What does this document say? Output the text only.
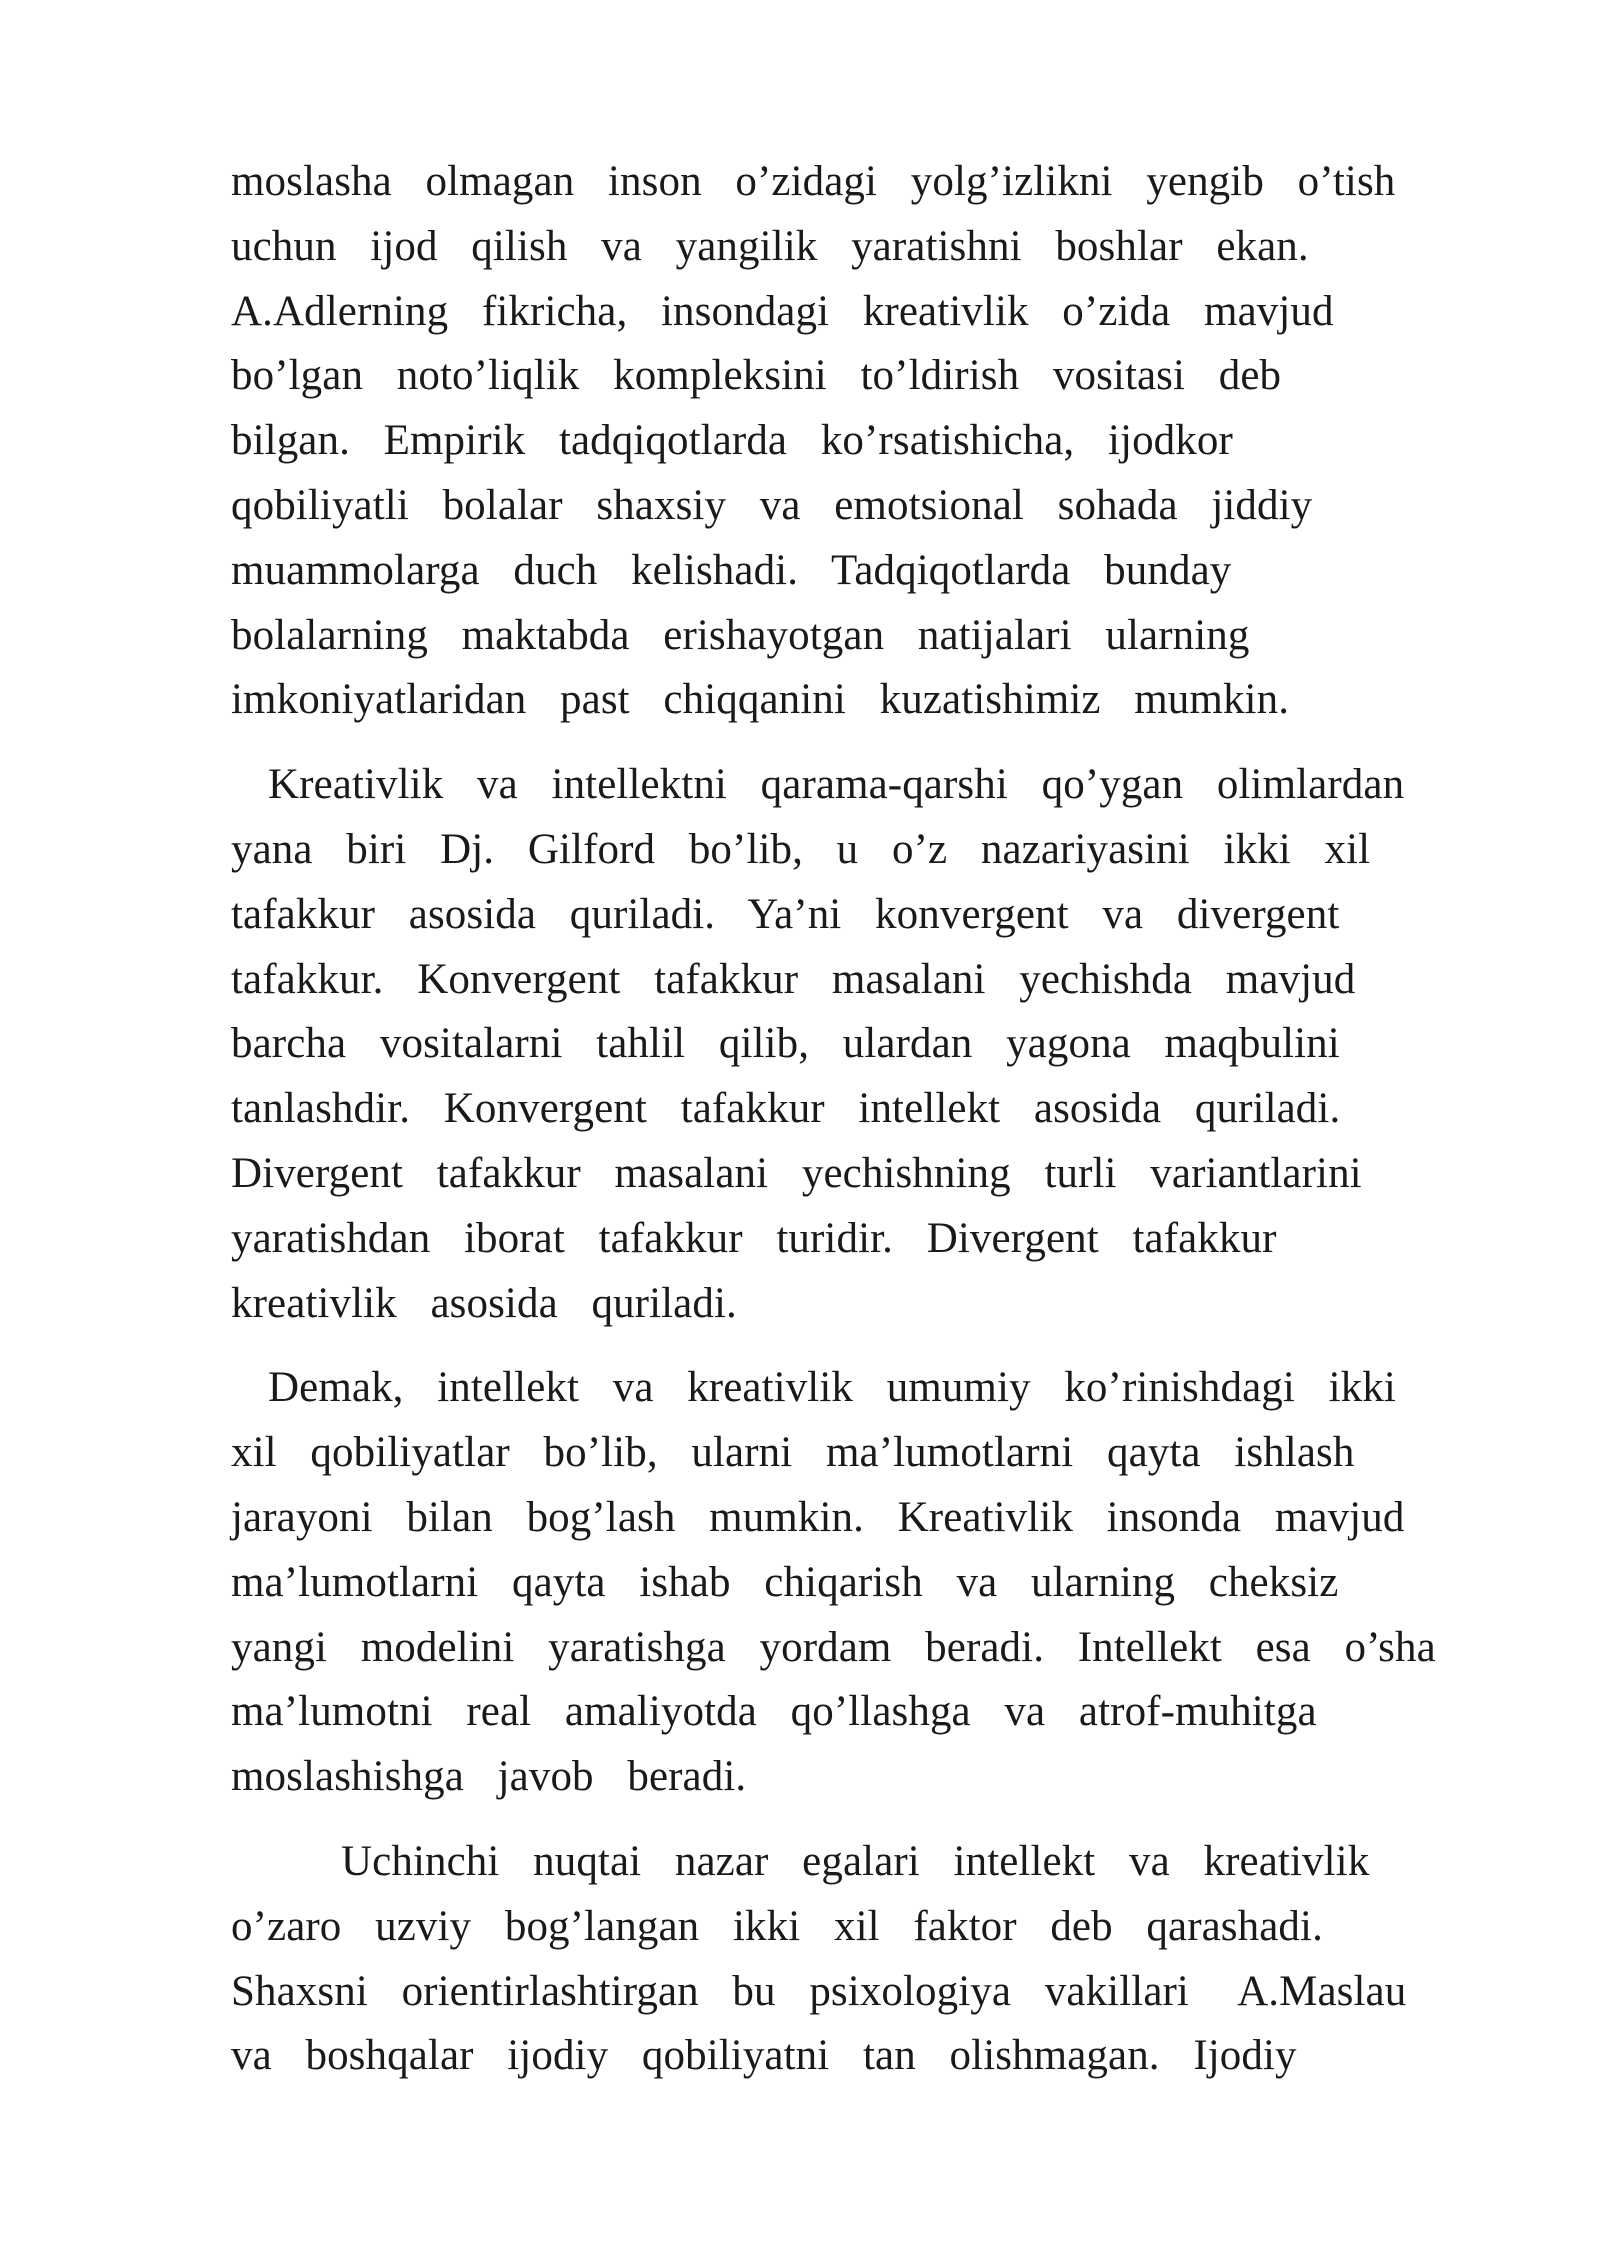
moslasha  olmagan  inson  o’zidagi  yolg’izlikni  yengib  o’tish
uchun  ijod  qilish  va  yangilik  yaratishni  boshlar  ekan.
A.Adlerning  fikricha,  insondagi  kreativlik  o’zida  mavjud
bo’lgan  noto’liqlik  kompleksini  to’ldirish  vositasi  deb
bilgan.  Empirik  tadqiqotlarda  ko’rsatishicha,  ijodkor
qobiliyatli  bolalar  shaxsiy  va  emotsional  sohada  jiddiy
muammolarga  duch  kelishadi.  Tadqiqotlarda  bunday
bolalarning  maktabda  erishayotgan  natijalari  ularning
imkoniyatlaridan  past  chiqqanini  kuzatishimiz  mumkin.
Kreativlik  va  intellektni  qarama-qarshi  qo’ygan  olimlardan
yana  biri  Dj.  Gilford  bo’lib,  u  o’z  nazariyasini  ikki  xil
tafakkur  asosida  quriladi.  Ya’ni  konvergent  va  divergent
tafakkur.  Konvergent  tafakkur  masalani  yechishda  mavjud
barcha  vositalarni  tahlil  qilib,  ulardan  yagona  maqbulini
tanlashdir.  Konvergent  tafakkur  intellekt  asosida  quriladi.
Divergent  tafakkur  masalani  yechishning  turli  variantlarini
yaratishdan  iborat  tafakkur  turidir.  Divergent  tafakkur
kreativlik  asosida  quriladi.
Demak,  intellekt  va  kreativlik  umumiy  ko’rinishdagi  ikki
xil  qobiliyatlar  bo’lib,  ularni  ma’lumotlarni  qayta  ishlash
jarayoni  bilan  bog’lash  mumkin.  Kreativlik  insonda  mavjud
ma’lumotlarni  qayta  ishab  chiqarish  va  ularning  cheksiz
yangi  modelini  yaratishga  yordam  beradi.  Intellekt  esa  o’sha
ma’lumotni  real  amaliyotda  qo’llashga  va  atrof-muhitga
moslashishga  javob  beradi.
Uchinchi  nuqtai  nazar  egalari  intellekt  va  kreativlik
o’zaro  uzviy  bog’langan  ikki  xil  faktor  deb  qarashadi.
Shaxsni  orientirlashtirgan  bu  psixologiya  vakillari   A.Maslau
va  boshqalar  ijodiy  qobiliyatni  tan  olishmagan.  Ijodiy
